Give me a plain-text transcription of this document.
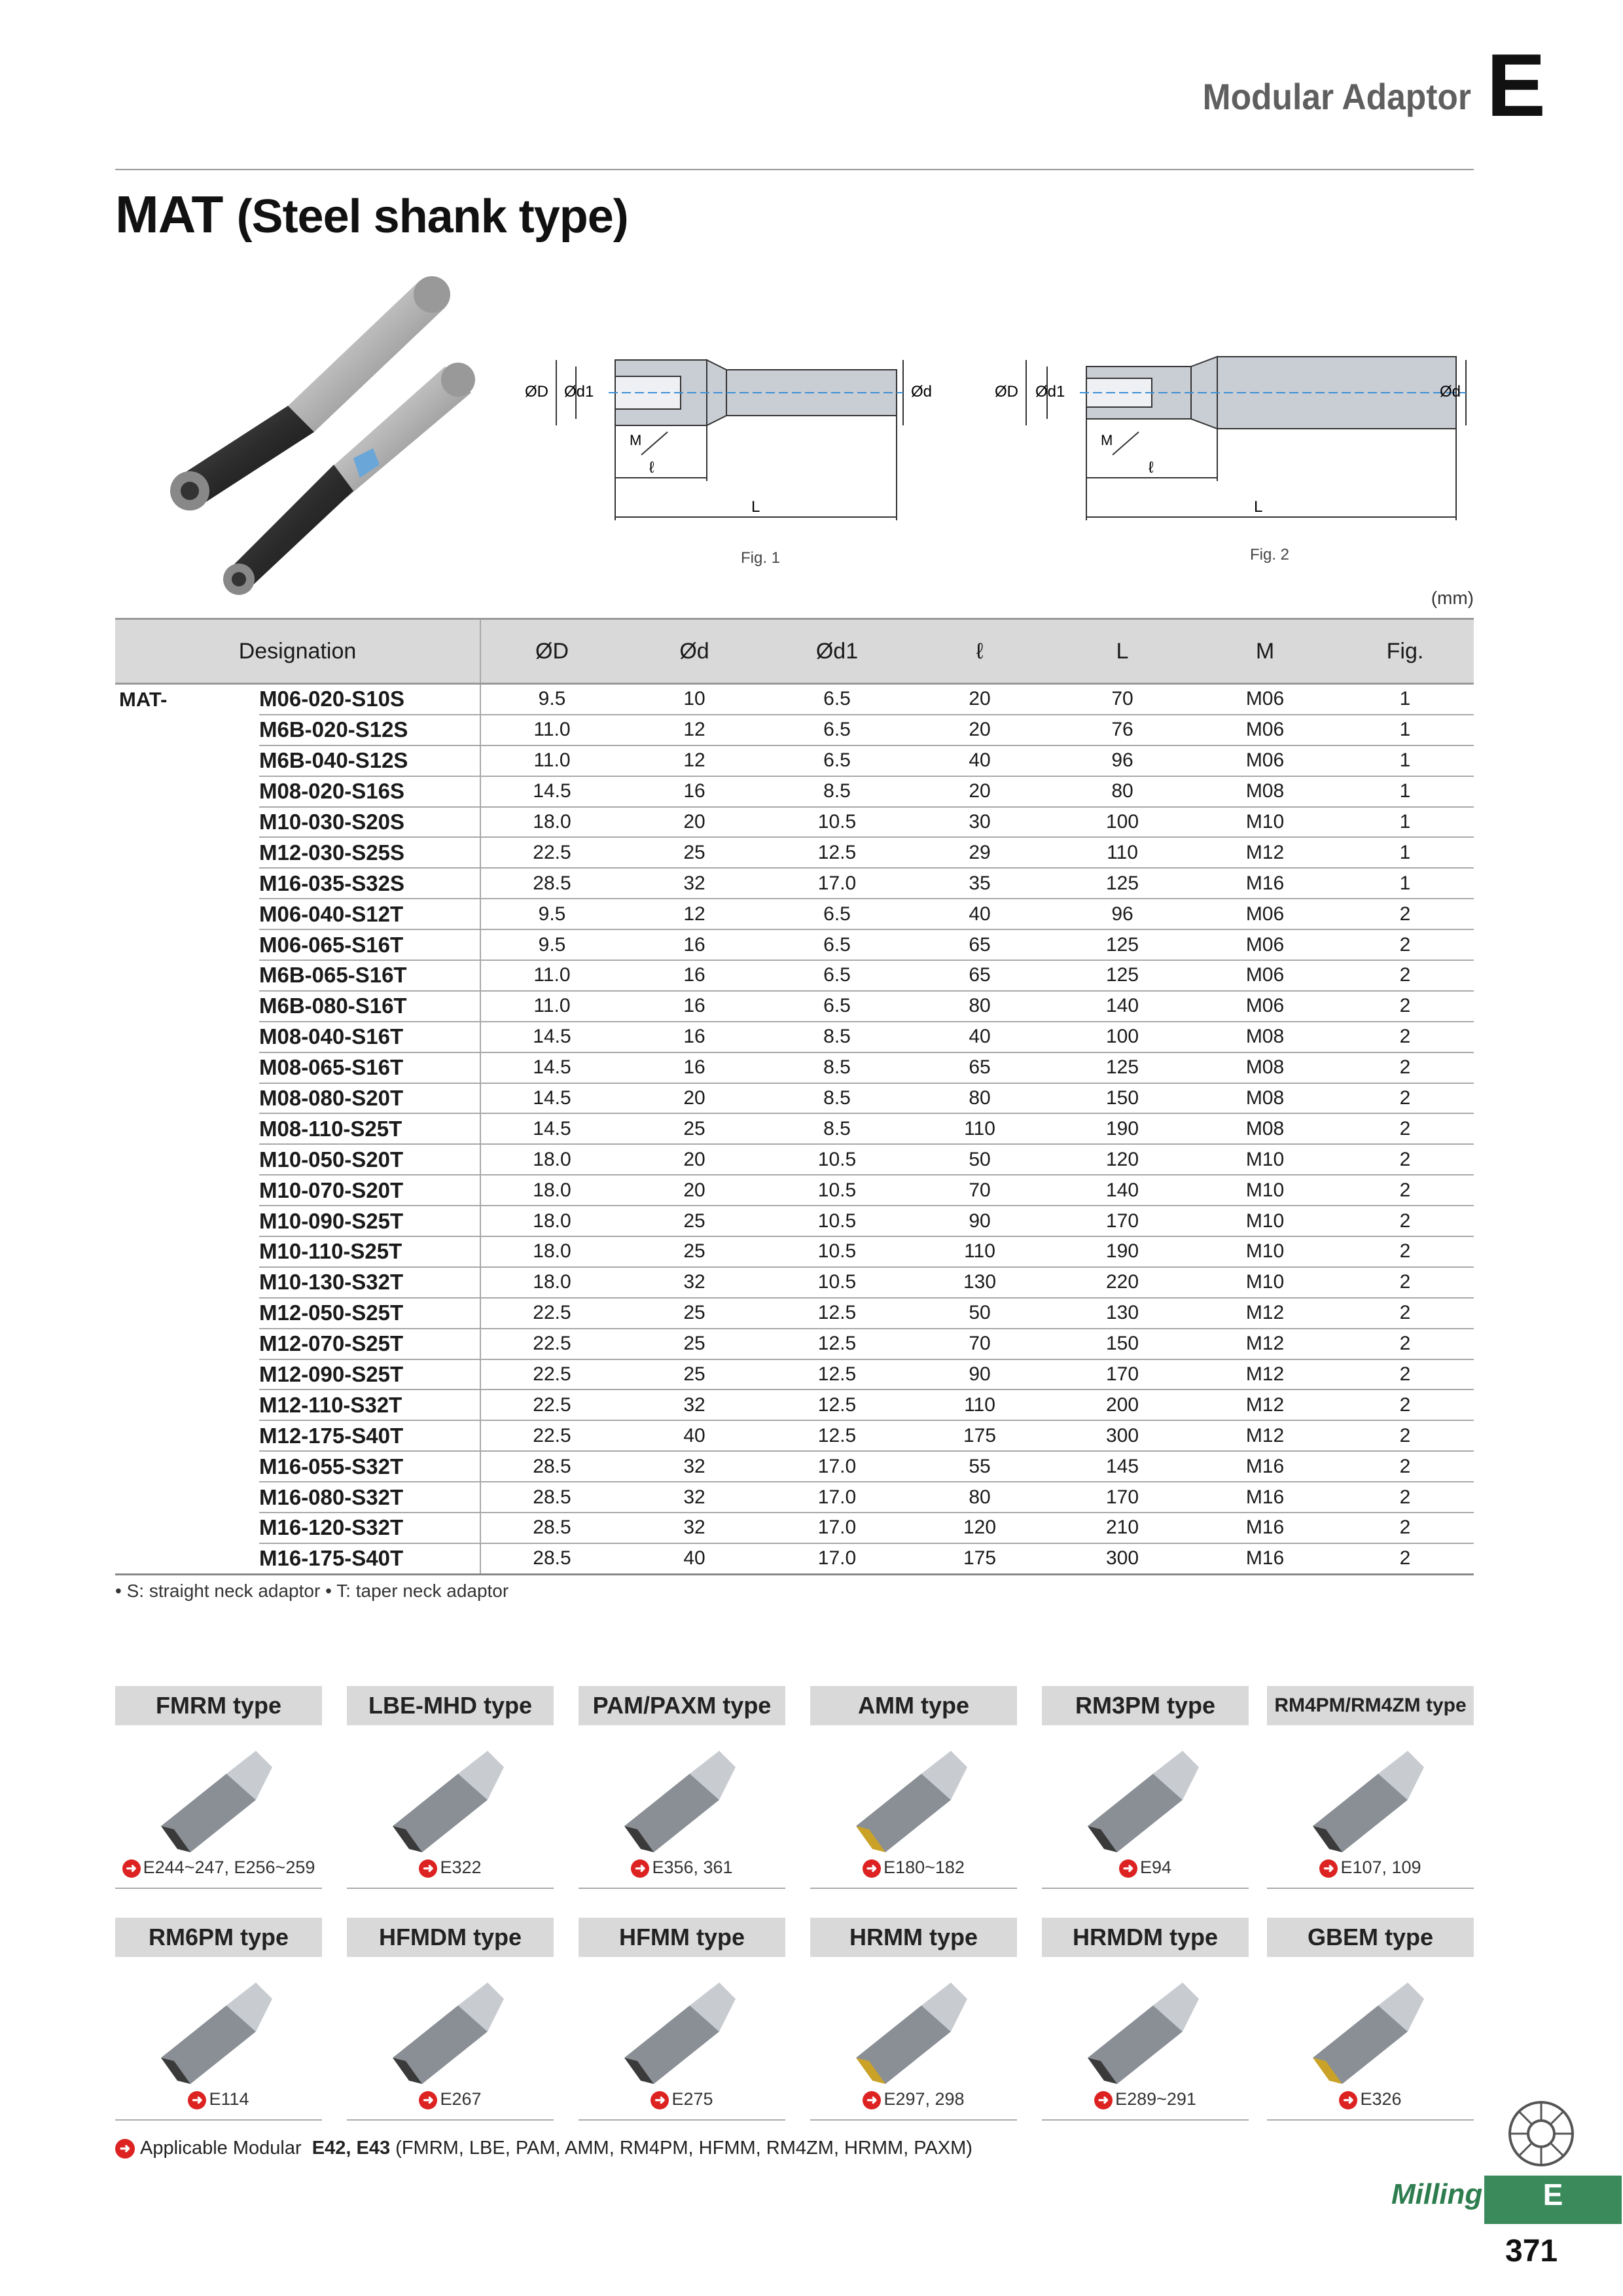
Modular Adaptor E
MAT (Steel shank type)
ØD Ød1	Ød
M
ℓ
L
Fig. 1
ØD Ød1	Ød
M
ℓ
L
Fig. 2
(mm)
Designation		ØD	Ød	Ød1	ℓ	L	M	Fig.
MAT-	M06-020-S10S	9.5	10	6.5	20	70	M06	1
	M6B-020-S12S	11.0	12	6.5	20	76	M06	1
	M6B-040-S12S	11.0	12	6.5	40	96	M06	1
	M08-020-S16S	14.5	16	8.5	20	80	M08	1
	M10-030-S20S	18.0	20	10.5	30	100	M10	1
	M12-030-S25S	22.5	25	12.5	29	110	M12	1
	M16-035-S32S	28.5	32	17.0	35	125	M16	1
	M06-040-S12T	9.5	12	6.5	40	96	M06	2
	M06-065-S16T	9.5	16	6.5	65	125	M06	2
	M6B-065-S16T	11.0	16	6.5	65	125	M06	2
	M6B-080-S16T	11.0	16	6.5	80	140	M06	2
	M08-040-S16T	14.5	16	8.5	40	100	M08	2
	M08-065-S16T	14.5	16	8.5	65	125	M08	2
	M08-080-S20T	14.5	20	8.5	80	150	M08	2
	M08-110-S25T	14.5	25	8.5	110	190	M08	2
	M10-050-S20T	18.0	20	10.5	50	120	M10	2
	M10-070-S20T	18.0	20	10.5	70	140	M10	2
	M10-090-S25T	18.0	25	10.5	90	170	M10	2
	M10-110-S25T	18.0	25	10.5	110	190	M10	2
	M10-130-S32T	18.0	32	10.5	130	220	M10	2
	M12-050-S25T	22.5	25	12.5	50	130	M12	2
	M12-070-S25T	22.5	25	12.5	70	150	M12	2
	M12-090-S25T	22.5	25	12.5	90	170	M12	2
	M12-110-S32T	22.5	32	12.5	110	200	M12	2
	M12-175-S40T	22.5	40	12.5	175	300	M12	2
	M16-055-S32T	28.5	32	17.0	55	145	M16	2
	M16-080-S32T	28.5	32	17.0	80	170	M16	2
	M16-120-S32T	28.5	32	17.0	120	210	M16	2
	M16-175-S40T	28.5	40	17.0	175	300	M16	2
• S: straight neck adaptor • T: taper neck adaptor
FMRM type
➜ E244~247, E256~259
LBE-MHD type
➜ E322
PAM/PAXM type
➜ E356, 361
AMM type
➜ E180~182
RM3PM type
➜ E94
RM4PM/RM4ZM type
➜ E107, 109
RM6PM type
➜ E114
HFMDM type
➜ E267
HFMM type
➜ E275
HRMM type
➜ E297, 298
HRMDM type
➜ E289~291
GBEM type
➜ E326
➜ Applicable Modular E42, E43 (FMRM, LBE, PAM, AMM, RM4PM, HFMM, RM4ZM, HRMM, PAXM)
Milling	E
371
